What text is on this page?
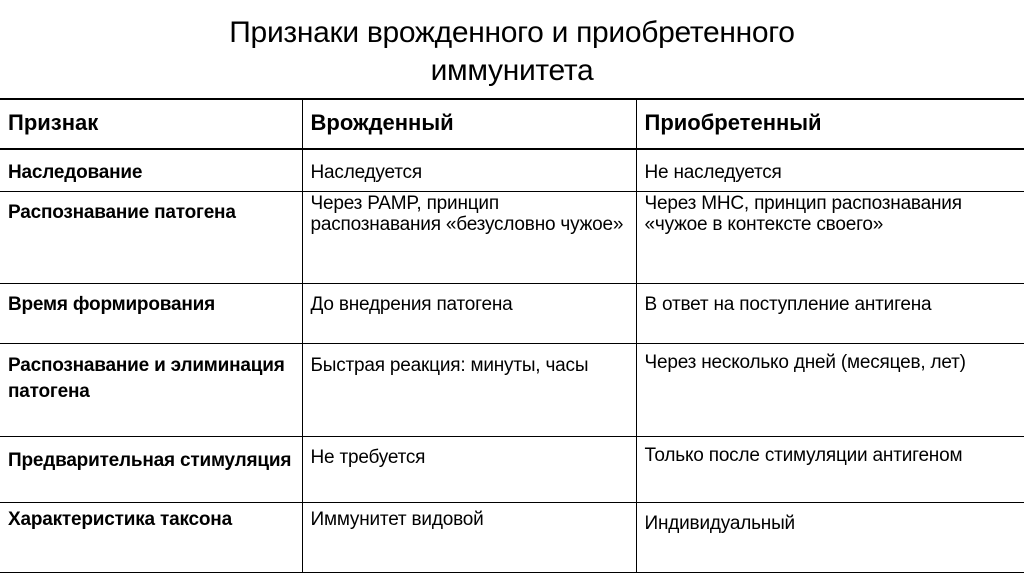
Признаки врожденного и приобретенного
иммунитета
Признак	Врожденный	Приобретенный

Наследование	Наследуется	Не наследуется

Распознавание патогена	Через PAMP, принцип распознавания «безусловно чужое»	Через MHC, принцип распознавания «чужое в контексте своего»

Время формирования	До внедрения патогена	В ответ на поступление антигена

Распознавание и элиминация патогена	Быстрая реакция: минуты, часы	Через несколько дней (месяцев, лет)

Предварительная стимуляция	Не требуется	Только после стимуляции антигеном

Характеристика таксона	Иммунитет видовой	Индивидуальный
